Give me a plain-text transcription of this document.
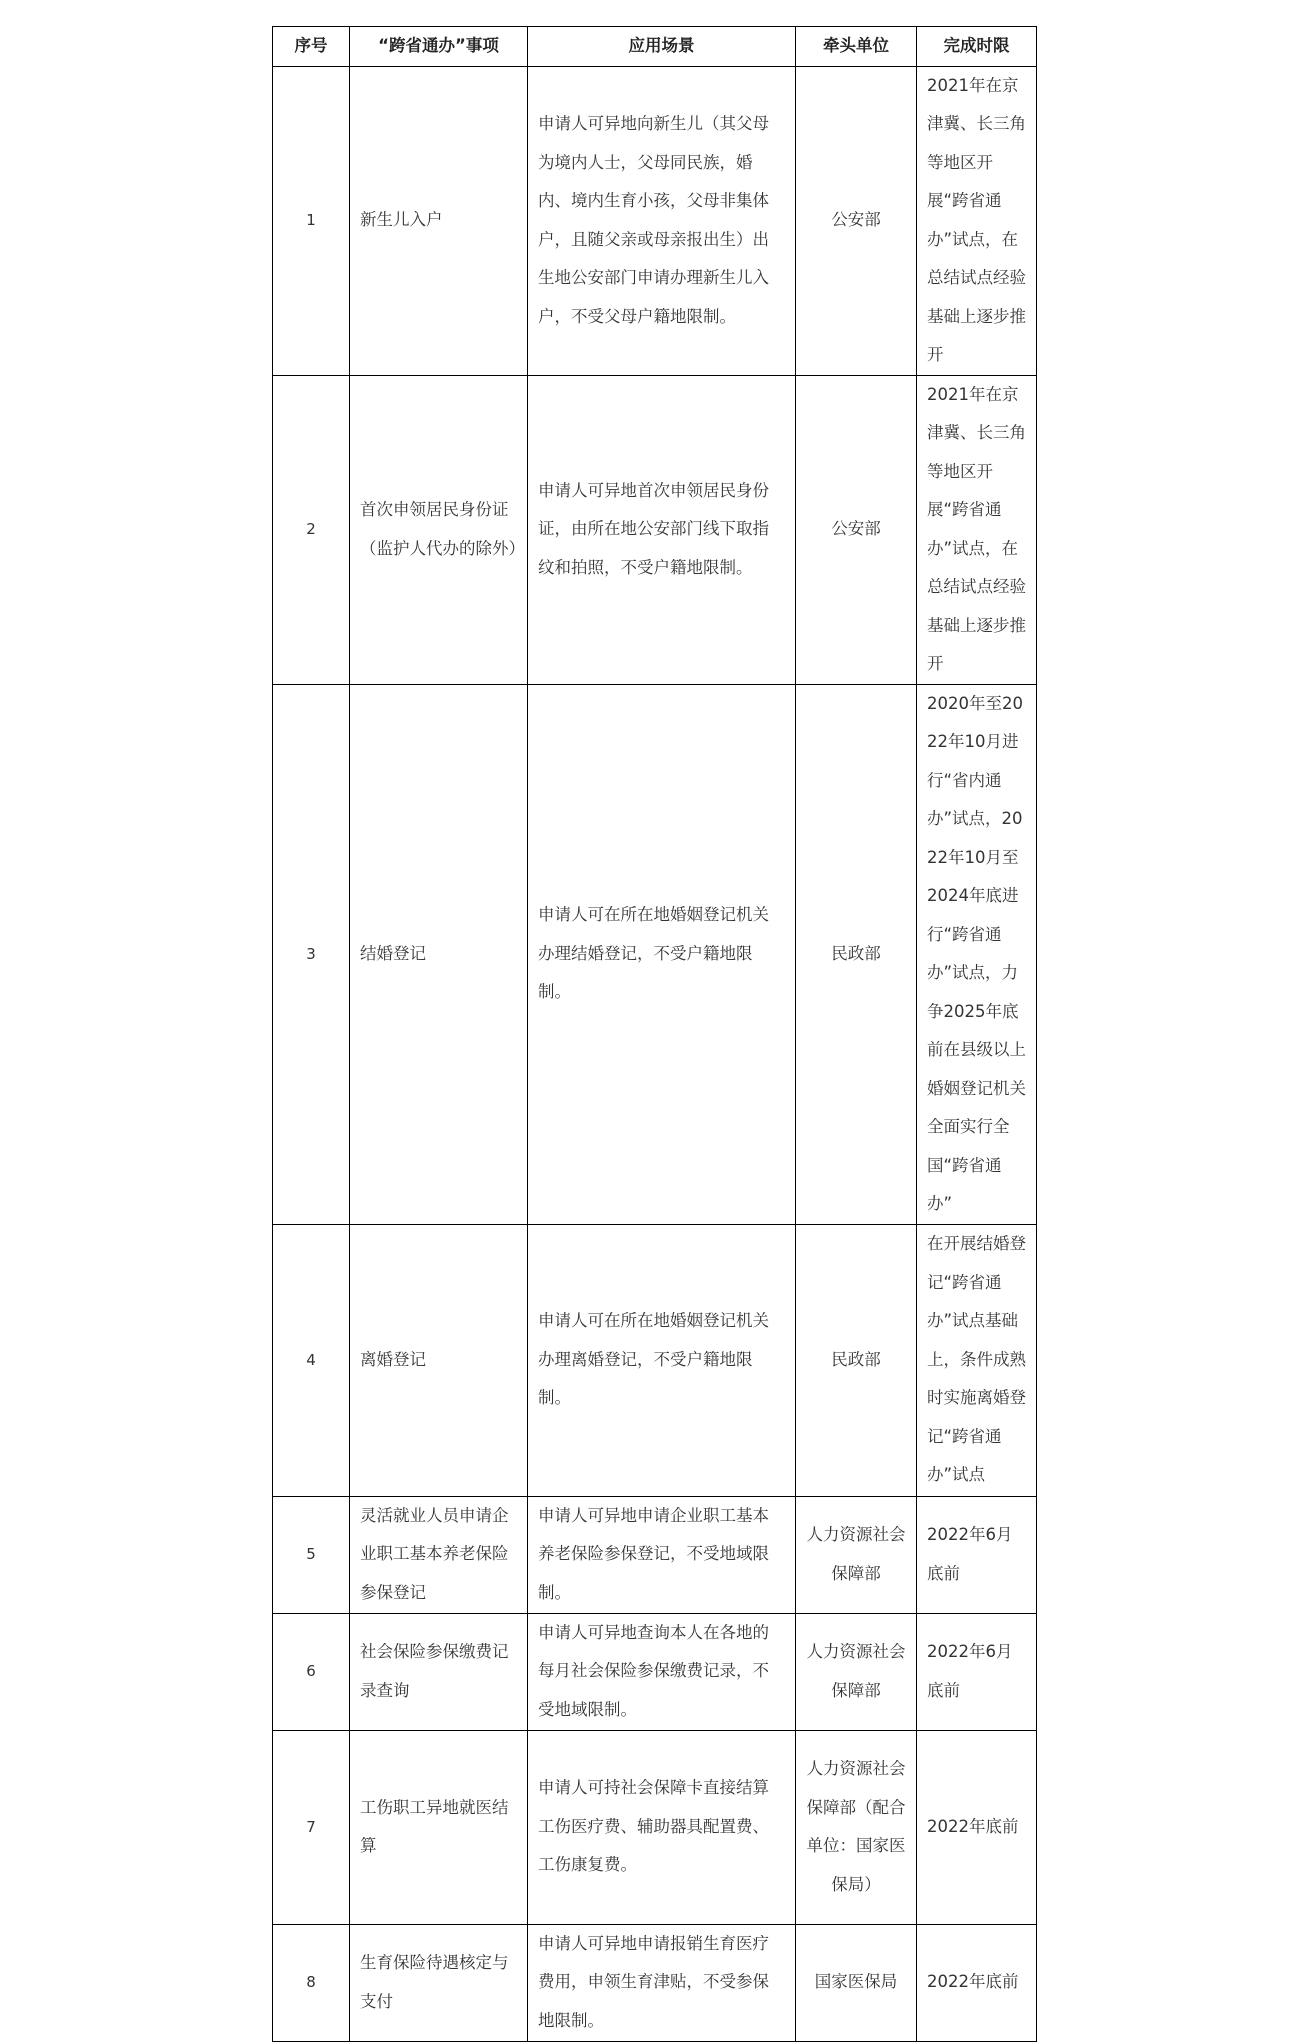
序号	“跨省通办”事项	应用场景	牵头单位	完成时限
1	新生儿入户	申请人可异地向新生儿（其父母为境内人士，父母同民族，婚内、境内生育小孩，父母非集体户，且随父亲或母亲报出生）出生地公安部门申请办理新生儿入户，不受父母户籍地限制。	公安部	2021年在京津冀、长三角等地区开展“跨省通办”试点，在总结试点经验基础上逐步推开
2	首次申领居民身份证（监护人代办的除外）	申请人可异地首次申领居民身份证，由所在地公安部门线下取指纹和拍照，不受户籍地限制。	公安部	2021年在京津冀、长三角等地区开展“跨省通办”试点，在总结试点经验基础上逐步推开
3	结婚登记	申请人可在所在地婚姻登记机关办理结婚登记，不受户籍地限制。	民政部	2020年至2022年10月进行“省内通办”试点，2022年10月至2024年底进行“跨省通办”试点，力争2025年底前在县级以上婚姻登记机关全面实行全国“跨省通办”
4	离婚登记	申请人可在所在地婚姻登记机关办理离婚登记，不受户籍地限制。	民政部	在开展结婚登记“跨省通办”试点基础上，条件成熟时实施离婚登记“跨省通办”试点
5	灵活就业人员申请企业职工基本养老保险参保登记	申请人可异地申请企业职工基本养老保险参保登记，不受地域限制。	人力资源社会保障部	2022年6月底前
6	社会保险参保缴费记录查询	申请人可异地查询本人在各地的每月社会保险参保缴费记录，不受地域限制。	人力资源社会保障部	2022年6月底前
7	工伤职工异地就医结算	申请人可持社会保障卡直接结算工伤医疗费、辅助器具配置费、工伤康复费。	人力资源社会保障部（配合单位：国家医保局）	2022年底前
8	生育保险待遇核定与支付	申请人可异地申请报销生育医疗费用，申领生育津贴，不受参保地限制。	国家医保局	2022年底前
